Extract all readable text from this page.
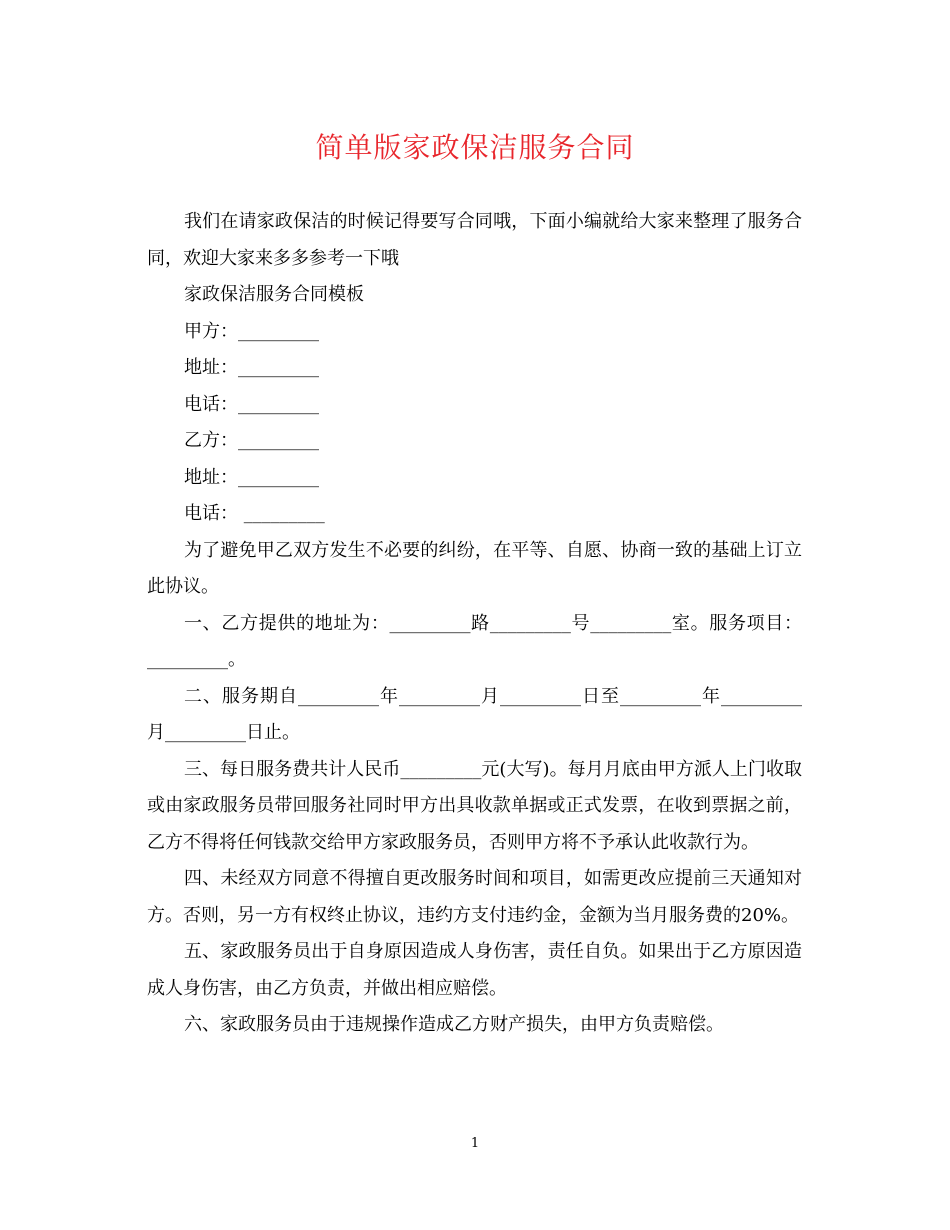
简单版家政保洁服务合同

我们在请家政保洁的时候记得要写合同哦，下面小编就给大家来整理了服务合同，欢迎大家来多多参考一下哦

家政保洁服务合同模板

甲方：_________

地址：_________

电话：_________

乙方：_________

地址：_________

电话： _________

为了避免甲乙双方发生不必要的纠纷，在平等、自愿、协商一致的基础上订立此协议。

一、乙方提供的地址为：_________路_________号_________室。服务项目：_________。

二、服务期自_________年_________月_________日至_________年_________月_________日止。

三、每日服务费共计人民币_________元(大写)。每月月底由甲方派人上门收取或由家政服务员带回服务社同时甲方出具收款单据或正式发票，在收到票据之前，乙方不得将任何钱款交给甲方家政服务员，否则甲方将不予承认此收款行为。

四、未经双方同意不得擅自更改服务时间和项目，如需更改应提前三天通知对方。否则，另一方有权终止协议，违约方支付违约金，金额为当月服务费的20%。

五、家政服务员出于自身原因造成人身伤害，责任自负。如果出于乙方原因造成人身伤害，由乙方负责，并做出相应赔偿。

六、家政服务员由于违规操作造成乙方财产损失，由甲方负责赔偿。

1
